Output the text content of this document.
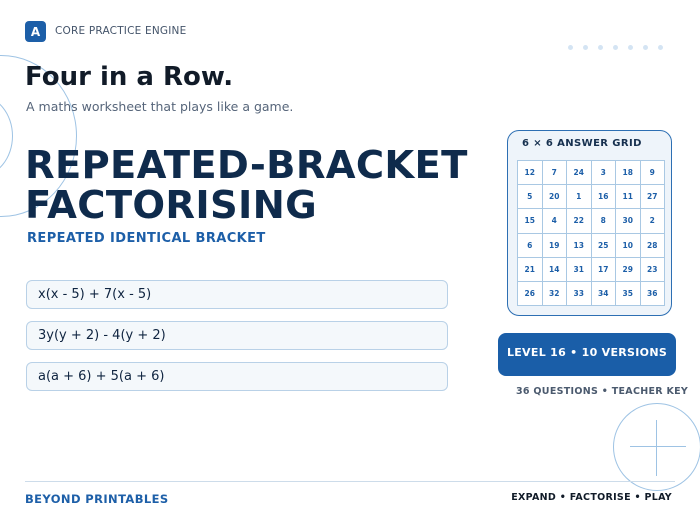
A	CORE PRACTICE ENGINE
Four in a Row.
A maths worksheet that plays like a game.
REPEATED-BRACKET
FACTORISING
REPEATED IDENTICAL BRACKET
x(x - 5) + 7(x - 5)
3y(y + 2) - 4(y + 2)
a(a + 6) + 5(a + 6)
6 × 6 ANSWER GRID
12	7	24	3	18	9
5	20	1	16	11	27
15	4	22	8	30	2
6	19	13	25	10	28
21	14	31	17	29	23
26	32	33	34	35	36
LEVEL 16 • 10 VERSIONS
36 QUESTIONS • TEACHER KEY
BEYOND PRINTABLES	EXPAND • FACTORISE • PLAY
